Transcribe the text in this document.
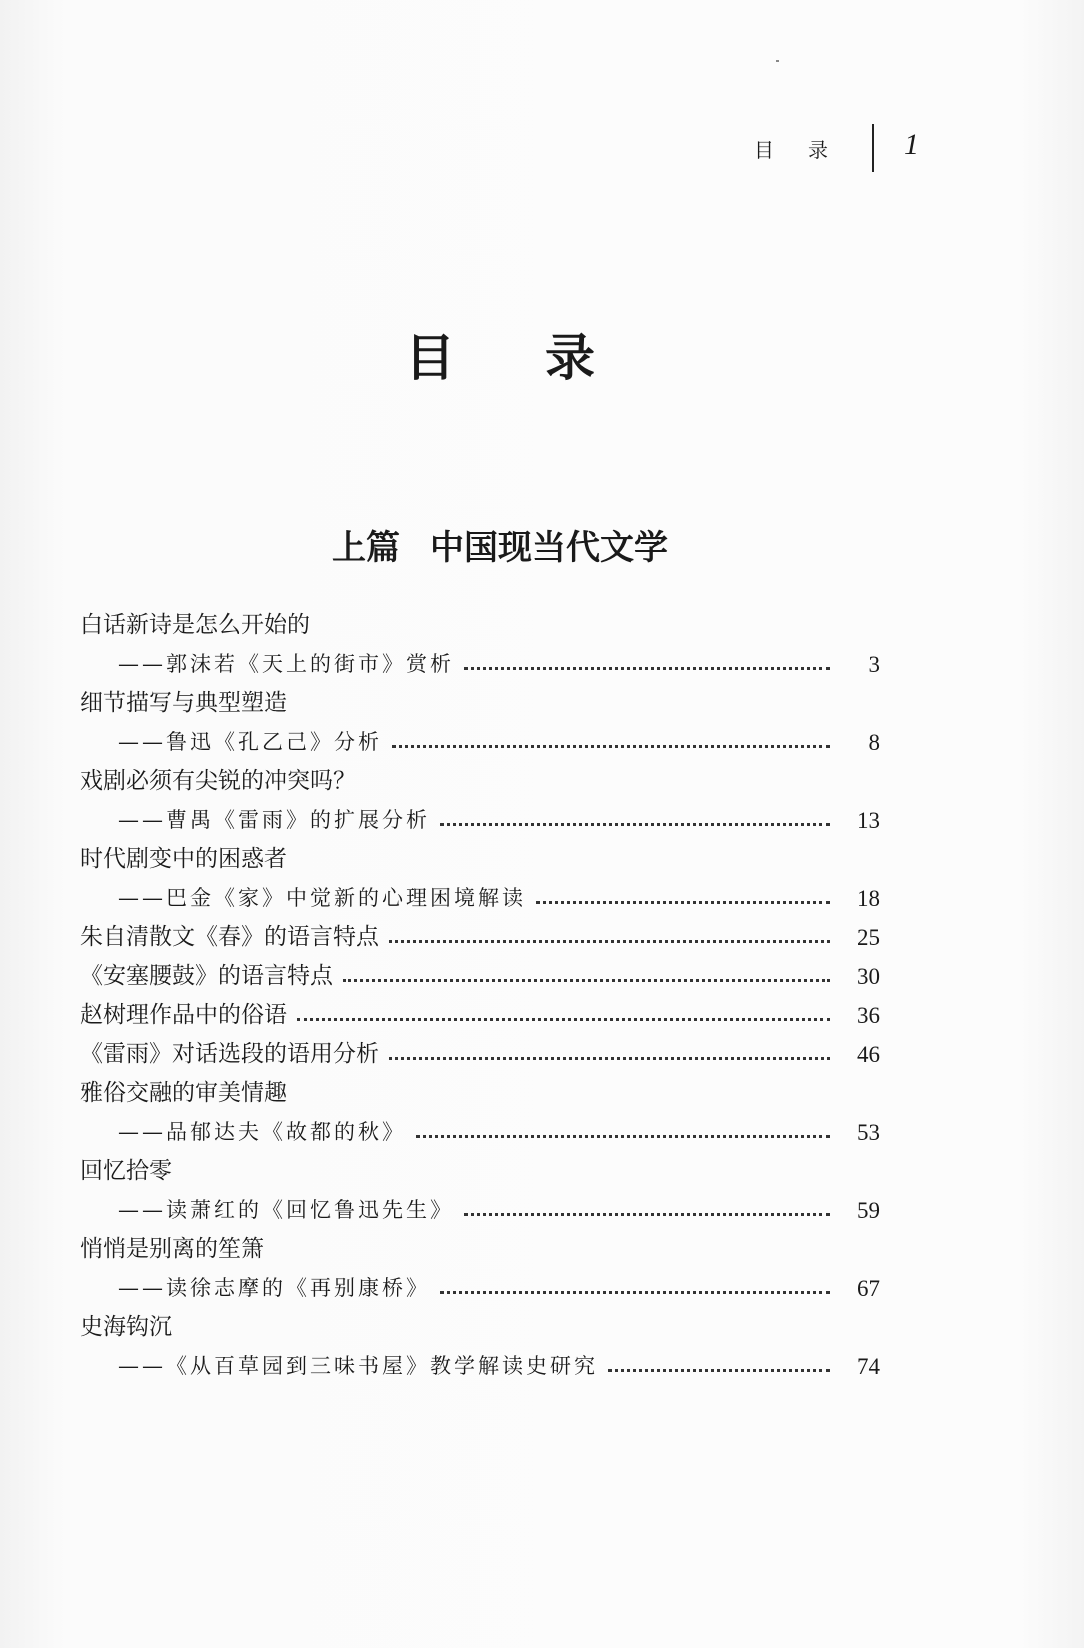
目录 1
目录
上篇 中国现当代文学
白话新诗是怎么开始的
——郭沫若《天上的街市》赏析	3
细节描写与典型塑造
——鲁迅《孔乙己》分析	8
戏剧必须有尖锐的冲突吗？
——曹禺《雷雨》的扩展分析	13
时代剧变中的困惑者
——巴金《家》中觉新的心理困境解读	18
朱自清散文《春》的语言特点	25
《安塞腰鼓》的语言特点	30
赵树理作品中的俗语	36
《雷雨》对话选段的语用分析	46
雅俗交融的审美情趣
——品郁达夫《故都的秋》	53
回忆拾零
——读萧红的《回忆鲁迅先生》	59
悄悄是别离的笙箫
——读徐志摩的《再别康桥》	67
史海钩沉
——《从百草园到三味书屋》教学解读史研究	74
